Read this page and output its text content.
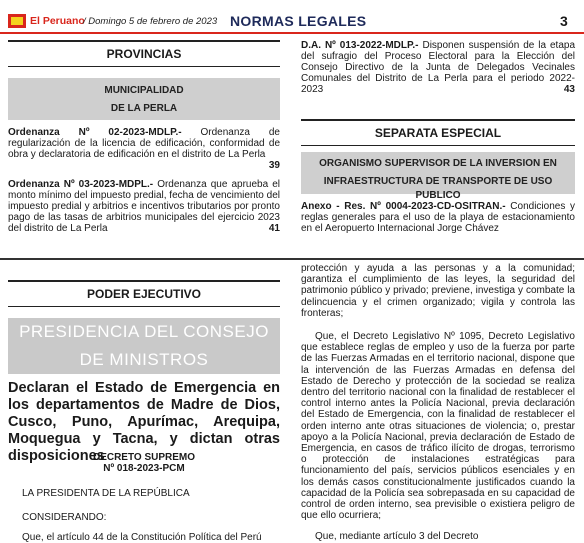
El Peruano
/ Domingo 5 de febrero de 2023 NORMAS LEGALES	3
PROVINCIAS
MUNICIPALIDAD
DE LA PERLA
Ordenanza Nº 02-2023-MDLP.- Ordenanza de regularización de la licencia de edificación, conformidad de obra y declaratoria de edificación en el distrito de La Perla
39
Ordenanza Nº 03-2023-MDPL.- Ordenanza que aprueba el monto mínimo del impuesto predial, fecha de vencimiento del impuesto predial y arbitrios e incentivos tributarios por pronto pago de las tasas de arbitrios municipales del ejercicio 2023 del distrito de La Perla	41
D.A. Nº 013-2022-MDLP.- Disponen suspensión de la etapa del sufragio del Proceso Electoral para la Elección del Consejo Directivo de la Junta de Delegados Vecinales Comunales del Distrito de La Perla para el periodo 2022-2023	43
SEPARATA ESPECIAL
ORGANISMO SUPERVISOR DE LA INVERSION EN
INFRAESTRUCTURA DE TRANSPORTE DE USO PUBLICO
Anexo - Res. Nº 0004-2023-CD-OSITRAN.- Condiciones y reglas generales para el uso de la playa de estacionamiento en el Aeropuerto Internacional Jorge Chávez
PODER EJECUTIVO
PRESIDENCIA DEL CONSEJO
DE MINISTROS
Declaran el Estado de Emergencia en los departamentos de Madre de Dios, Cusco, Puno, Apurímac, Arequipa, Moquegua y Tacna, y dictan otras disposiciones
DECRETO SUPREMO
Nº 018-2023-PCM
LA PRESIDENTA DE LA REPÚBLICA
CONSIDERANDO:
Que, el artículo 44 de la Constitución Política del Perú
protección y ayuda a las personas y a la comunidad; garantiza el cumplimiento de las leyes, la seguridad del patrimonio público y privado; previene, investiga y combate la delincuencia y el crimen organizado; vigila y controla las fronteras;
Que, el Decreto Legislativo Nº 1095, Decreto Legislativo que establece reglas de empleo y uso de la fuerza por parte de las Fuerzas Armadas en el territorio nacional, dispone que la intervención de las Fuerzas Armadas en defensa del Estado de Derecho y protección de la sociedad se realiza dentro del territorio nacional con la finalidad de restablecer el control interno antes la Policía Nacional, previa declaración del Estado de Emergencia, con la finalidad de restablecer el orden interno ante otras situaciones de violencia; o, prestar apoyo a la Policía Nacional, previa declaración de Estado de Emergencia, en casos de tráfico ilícito de drogas, terrorismo o protección de instalaciones estratégicas para funcionamiento del país, servicios públicos esenciales y en los demás casos constitucionalmente justificados cuando la capacidad de la Policía sea sobrepasada en su capacidad de control de orden interno, sea previsible o existiera peligro de que ello ocurriera;
Que, mediante artículo 3 del Decreto
